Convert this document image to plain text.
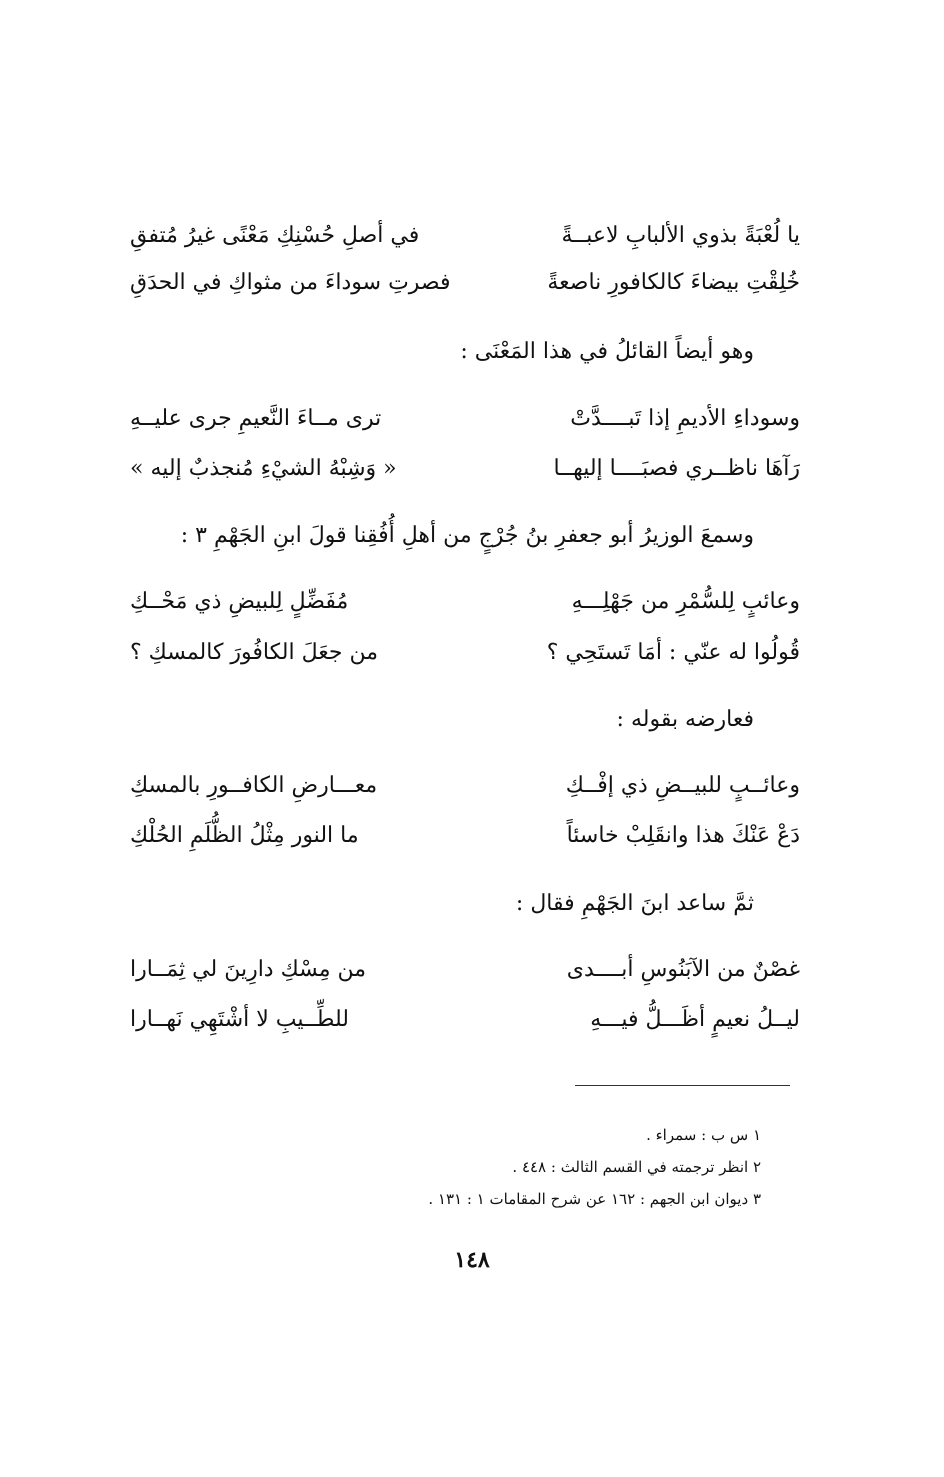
يا لُعْبَةً بذوي الألبابِ لاعبــةً
في أصلِ حُسْنِكِ مَعْنًى غيرُ مُتفقِ
خُلِقْتِ بيضاءَ كالكافورِ ناصعةً
فصرتِ سوداءَ من مثواكِ في الحدَقِ
وهو أيضاً القائلُ في هذا المَعْنَى :
وسوداءِ الأديمِ إذا تَبــــدَّتْ
ترى مــاءَ النَّعيمِ جرى عليــهِ
رَآهَا ناظــري فصبَــــا إليهــا
« وَشِبْهُ الشيْءِ مُنجذبٌ إليه »
وسمعَ الوزيرُ أبو جعفرِ بنُ جُرْجٍ من أهلِ أُفُقِنا قولَ ابنِ الجَهْمِ ٣ :
وعائبٍ لِلسُّمْرِ من جَهْلِـــهِ
مُفَضِّلٍ لِلبيضِ ذي مَحْــكِ
قُولُوا له عنّي : أمَا تَستَحِي ؟
من جعَلَ الكافُورَ كالمسكِ ؟
فعارضه بقوله :
وعائــبٍ للبيــضِ ذي إفْــكِ
معـــارضِ الكافــورِ بالمسكِ
دَعْ عَنْكَ هذا وانقَلِبْ خاسئاً
ما النور مِثْلُ الظُّلَمِ الحُلْكِ
ثمَّ ساعد ابنَ الجَهْمِ فقال :
غصْنٌ من الآبَنُوسِ أبــــدى
من مِسْكِ دارِينَ لي ثِمَــارا
ليــلُ نعيمٍ أظَـــلُّ فيـــهِ
للطِّــيبِ لا أشْتَهِي نَهــارا
١ س ب : سمراء .
٢ انظر ترجمته في القسم الثالث : ٤٤٨ .
٣ ديوان ابن الجهم : ١٦٢ عن شرح المقامات ١ : ١٣١ .
١٤٨
